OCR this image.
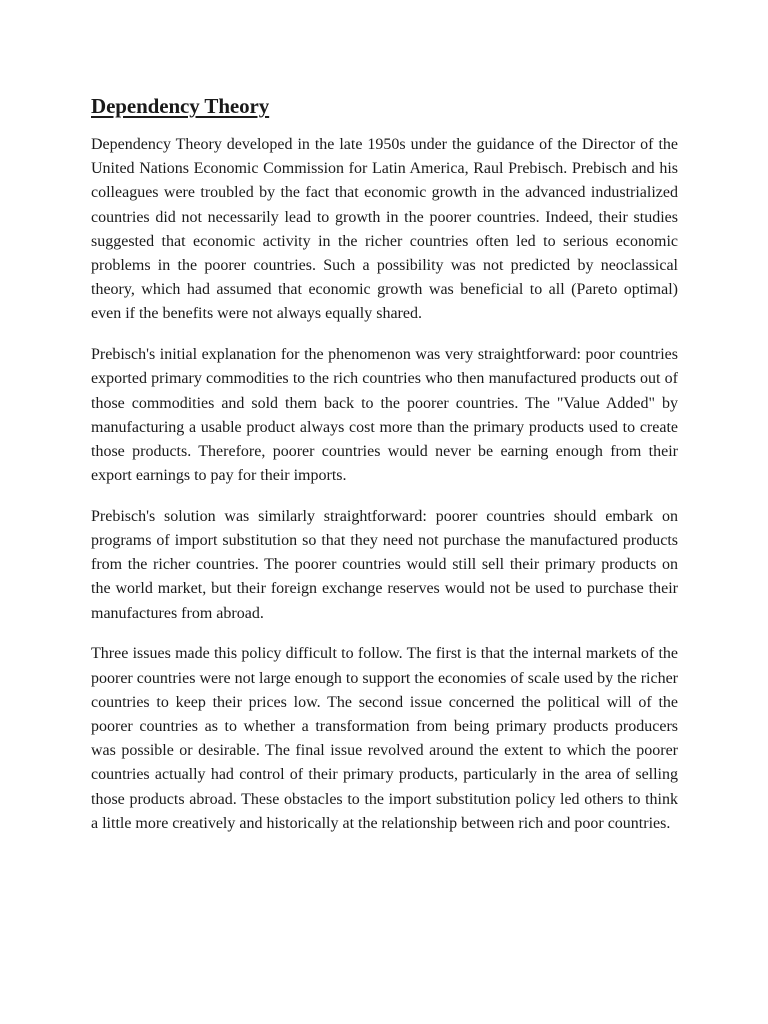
Dependency Theory

Dependency Theory developed in the late 1950s under the guidance of the Director of the United Nations Economic Commission for Latin America, Raul Prebisch. Prebisch and his colleagues were troubled by the fact that economic growth in the advanced industrialized countries did not necessarily lead to growth in the poorer countries. Indeed, their studies suggested that economic activity in the richer countries often led to serious economic problems in the poorer countries. Such a possibility was not predicted by neoclassical theory, which had assumed that economic growth was beneficial to all (Pareto optimal) even if the benefits were not always equally shared.

Prebisch's initial explanation for the phenomenon was very straightforward: poor countries exported primary commodities to the rich countries who then manufactured products out of those commodities and sold them back to the poorer countries. The "Value Added" by manufacturing a usable product always cost more than the primary products used to create those products. Therefore, poorer countries would never be earning enough from their export earnings to pay for their imports.

Prebisch's solution was similarly straightforward: poorer countries should embark on programs of import substitution so that they need not purchase the manufactured products from the richer countries. The poorer countries would still sell their primary products on the world market, but their foreign exchange reserves would not be used to purchase their manufactures from abroad.

Three issues made this policy difficult to follow. The first is that the internal markets of the poorer countries were not large enough to support the economies of scale used by the richer countries to keep their prices low. The second issue concerned the political will of the poorer countries as to whether a transformation from being primary products producers was possible or desirable. The final issue revolved around the extent to which the poorer countries actually had control of their primary products, particularly in the area of selling those products abroad. These obstacles to the import substitution policy led others to think a little more creatively and historically at the relationship between rich and poor countries.
